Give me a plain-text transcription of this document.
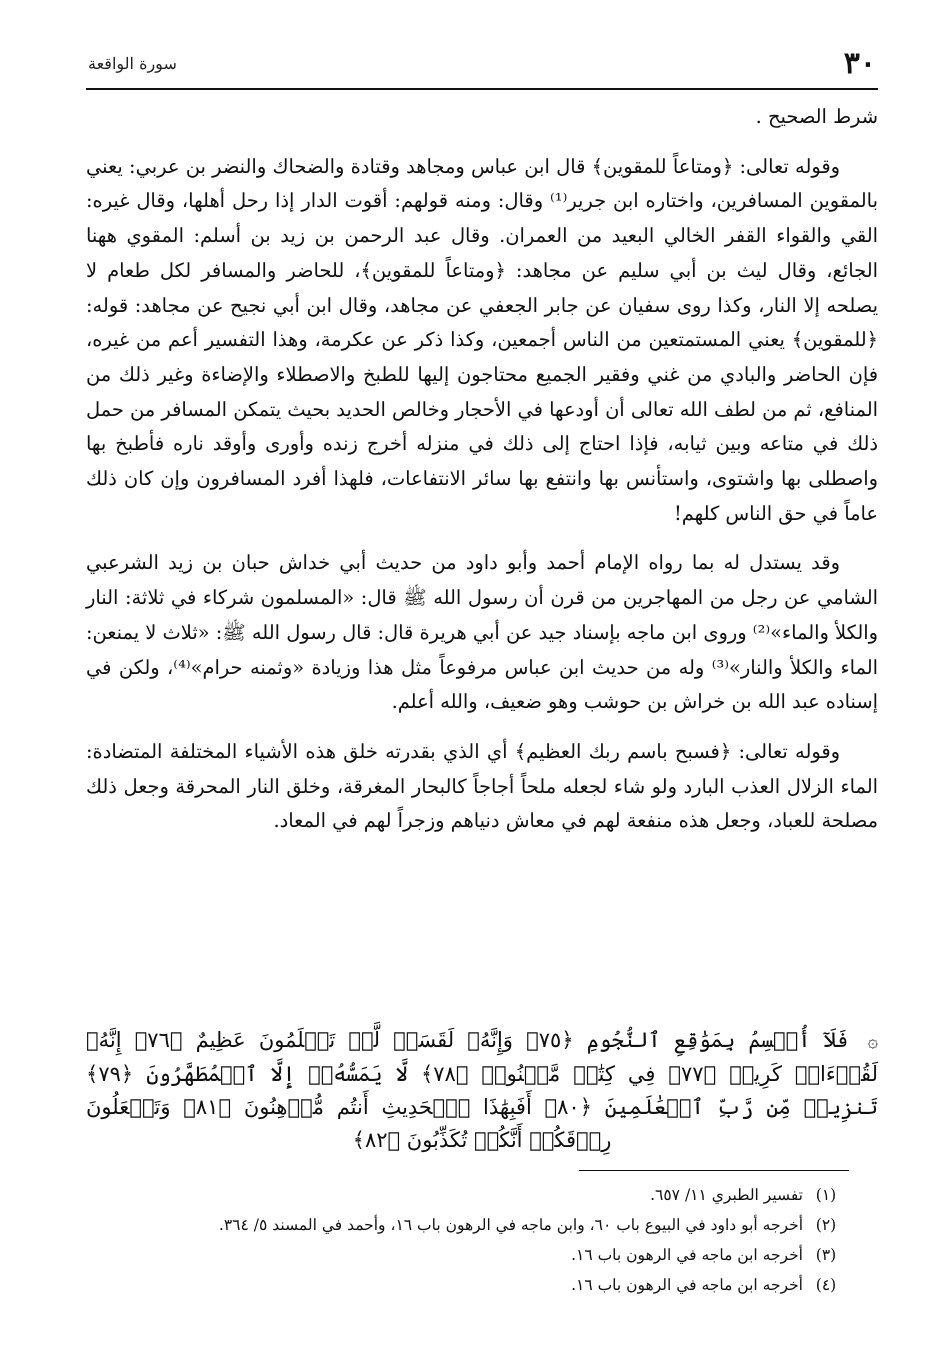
٣٠
سورة الواقعة

شرط الصحيح .

وقوله تعالى: ﴿ومتاعاً للمقوين﴾ قال ابن عباس ومجاهد وقتادة والضحاك والنضر بن عربي: يعني بالمقوين المسافرين، واختاره ابن جرير⁽¹⁾ وقال: ومنه قولهم: أقوت الدار إذا رحل أهلها، وقال غيره: القي والقواء القفر الخالي البعيد من العمران. وقال عبد الرحمن بن زيد بن أسلم: المقوي ههنا الجائع، وقال ليث بن أبي سليم عن مجاهد: ﴿ومتاعاً للمقوين﴾، للحاضر والمسافر لكل طعام لا يصلحه إلا النار، وكذا روى سفيان عن جابر الجعفي عن مجاهد، وقال ابن أبي نجيح عن مجاهد: قوله: ﴿للمقوين﴾ يعني المستمتعين من الناس أجمعين، وكذا ذكر عن عكرمة، وهذا التفسير أعم من غيره، فإن الحاضر والبادي من غني وفقير الجميع محتاجون إليها للطبخ والاصطلاء والإضاءة وغير ذلك من المنافع، ثم من لطف الله تعالى أن أودعها في الأحجار وخالص الحديد بحيث يتمكن المسافر من حمل ذلك في متاعه وبين ثيابه، فإذا احتاج إلى ذلك في منزله أخرج زنده وأورى وأوقد ناره فأطبخ بها واصطلى بها واشتوى، واستأنس بها وانتفع بها سائر الانتفاعات، فلهذا أفرد المسافرون وإن كان ذلك عاماً في حق الناس كلهم!

وقد يستدل له بما رواه الإمام أحمد وأبو داود من حديث أبي خداش حبان بن زيد الشرعبي الشامي عن رجل من المهاجرين من قرن أن رسول الله ﷺ قال: «المسلمون شركاء في ثلاثة: النار والكلأ والماء»⁽²⁾ وروى ابن ماجه بإسناد جيد عن أبي هريرة قال: قال رسول الله ﷺ: «ثلاث لا يمنعن: الماء والكلأ والنار»⁽³⁾ وله من حديث ابن عباس مرفوعاً مثل هذا وزيادة «وثمنه حرام»⁽⁴⁾، ولكن في إسناده عبد الله بن خراش بن حوشب وهو ضعيف، والله أعلم.

وقوله تعالى: ﴿فسبح باسم ربك العظيم﴾ أي الذي بقدرته خلق هذه الأشياء المختلفة المتضادة: الماء الزلال العذب البارد ولو شاء لجعله ملحاً أجاجاً كالبحار المغرقة، وخلق النار المحرقة وجعل ذلك مصلحة للعباد، وجعل هذه منفعة لهم في معاش دنياهم وزجراً لهم في المعاد.

۞ فَلَآ أُقۡسِمُ بِمَوَٰقِعِ ٱلنُّجُومِ ﴿٧٥﴾ وَإِنَّهُۥ لَقَسَمٞ لَّوۡ تَعۡلَمُونَ عَظِيمٌ ﴿٧٦﴾ إِنَّهُۥ لَقُرۡءَانٞ كَرِيمٞ ﴿٧٧﴾ فِي كِتَٰبٖ مَّكۡنُونٖ ﴿٧٨﴾ لَّا يَمَسُّهُۥٓ إِلَّا ٱلۡمُطَهَّرُونَ ﴿٧٩﴾ تَنزِيلٞ مِّن رَّبِّ ٱلۡعَٰلَمِينَ ﴿٨٠﴾ أَفَبِهَٰذَا ٱلۡحَدِيثِ أَنتُم مُّدۡهِنُونَ ﴿٨١﴾ وَتَجۡعَلُونَ رِزۡقَكُمۡ أَنَّكُمۡ تُكَذِّبُونَ ﴿٨٢﴾
(١)
تفسير الطبري ١١/ ٦٥٧.
(٢)
أخرجه أبو داود في البيوع باب ٦٠، وابن ماجه في الرهون باب ١٦، وأحمد في المسند ٥/ ٣٦٤.
(٣)
أخرجه ابن ماجه في الرهون باب ١٦.
(٤)
أخرجه ابن ماجه في الرهون باب ١٦.
